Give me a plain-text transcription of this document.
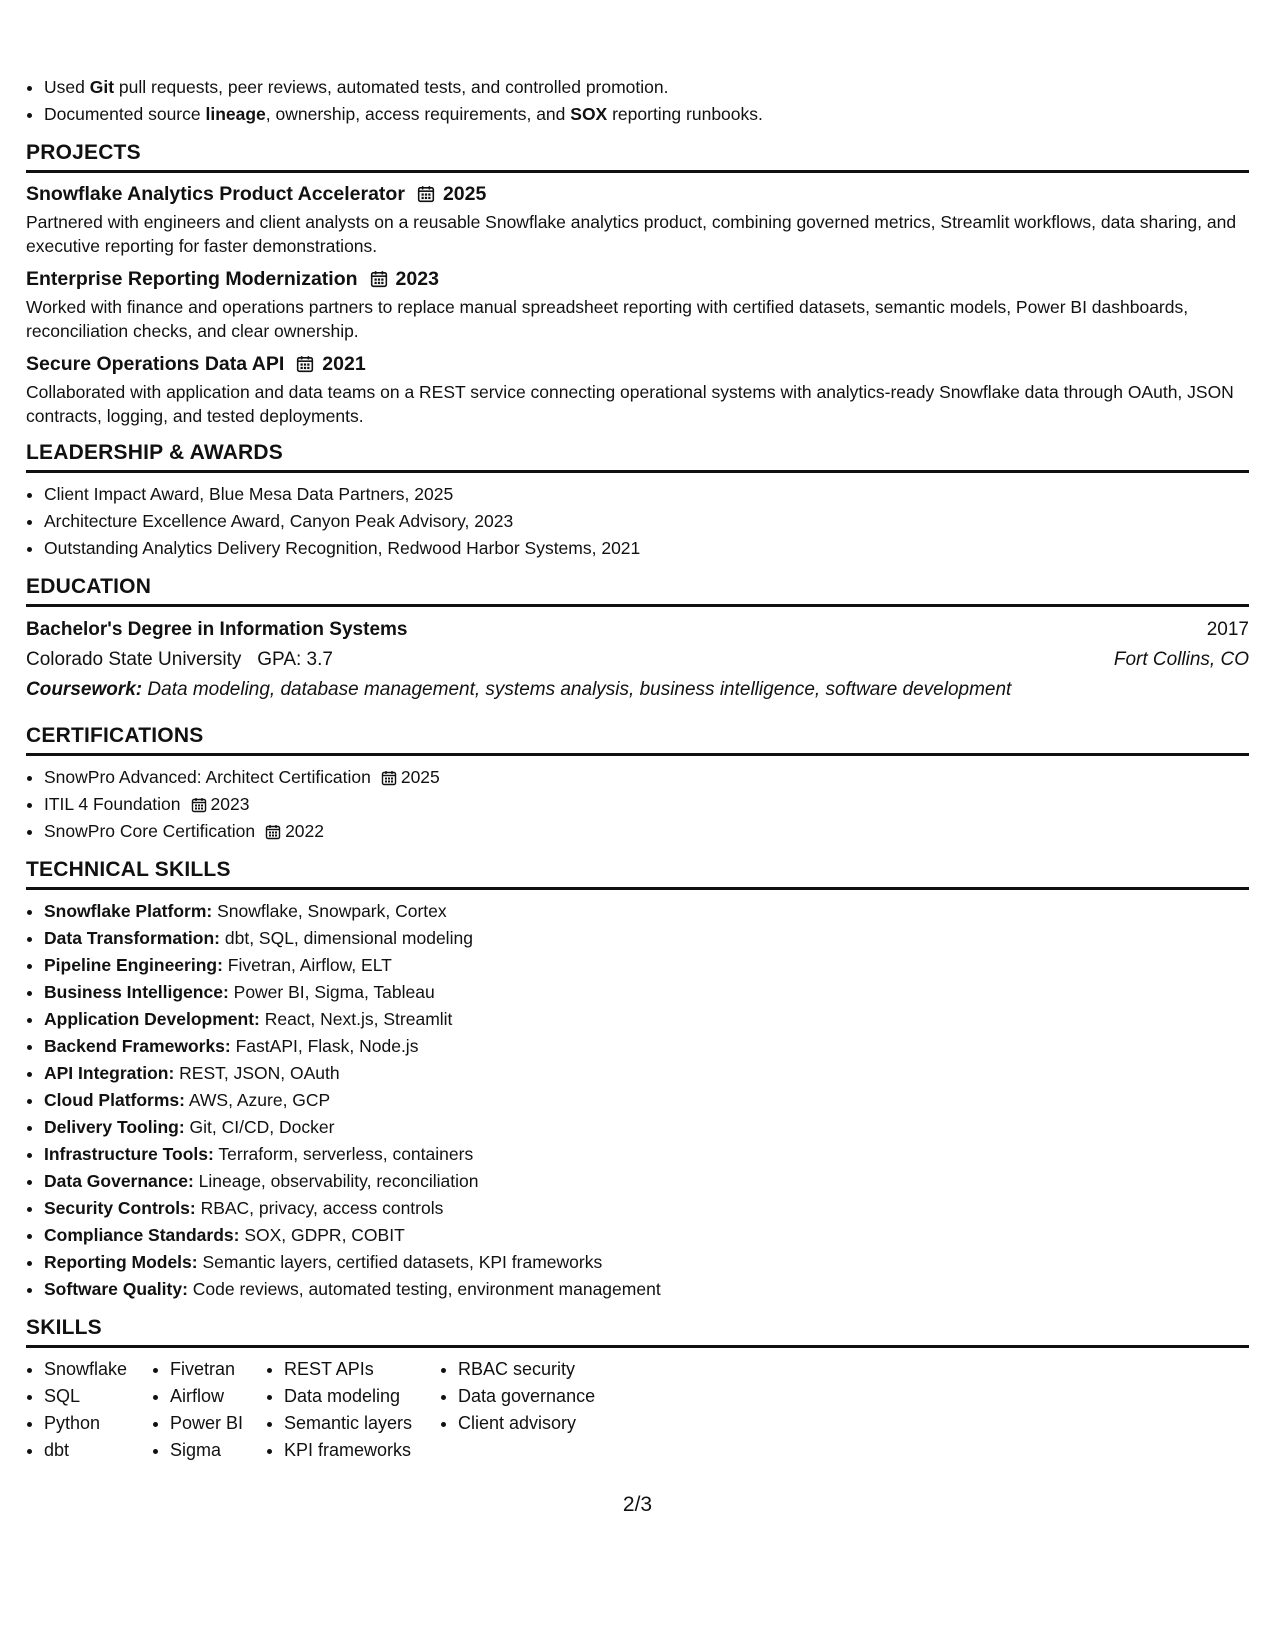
• Used Git pull requests, peer reviews, automated tests, and controlled promotion.
• Documented source lineage, ownership, access requirements, and SOX reporting runbooks.
PROJECTS
Snowflake Analytics Product Accelerator 2025
Partnered with engineers and client analysts on a reusable Snowflake analytics product, combining governed metrics, Streamlit workflows, data sharing, and executive reporting for faster demonstrations.
Enterprise Reporting Modernization 2023
Worked with finance and operations partners to replace manual spreadsheet reporting with certified datasets, semantic models, Power BI dashboards, reconciliation checks, and clear ownership.
Secure Operations Data API 2021
Collaborated with application and data teams on a REST service connecting operational systems with analytics-ready Snowflake data through OAuth, JSON contracts, logging, and tested deployments.
LEADERSHIP & AWARDS
• Client Impact Award, Blue Mesa Data Partners, 2025
• Architecture Excellence Award, Canyon Peak Advisory, 2023
• Outstanding Analytics Delivery Recognition, Redwood Harbor Systems, 2021
EDUCATION
Bachelor's Degree in Information Systems	2017
Colorado State University GPA: 3.7	Fort Collins, CO
Coursework: Data modeling, database management, systems analysis, business intelligence, software development
CERTIFICATIONS
• SnowPro Advanced: Architect Certification 2025
• ITIL 4 Foundation 2023
• SnowPro Core Certification 2022
TECHNICAL SKILLS
• Snowflake Platform: Snowflake, Snowpark, Cortex
• Data Transformation: dbt, SQL, dimensional modeling
• Pipeline Engineering: Fivetran, Airflow, ELT
• Business Intelligence: Power BI, Sigma, Tableau
• Application Development: React, Next.js, Streamlit
• Backend Frameworks: FastAPI, Flask, Node.js
• API Integration: REST, JSON, OAuth
• Cloud Platforms: AWS, Azure, GCP
• Delivery Tooling: Git, CI/CD, Docker
• Infrastructure Tools: Terraform, serverless, containers
• Data Governance: Lineage, observability, reconciliation
• Security Controls: RBAC, privacy, access controls
• Compliance Standards: SOX, GDPR, COBIT
• Reporting Models: Semantic layers, certified datasets, KPI frameworks
• Software Quality: Code reviews, automated testing, environment management
SKILLS
• Snowflake
• SQL
• Python
• dbt
• Fivetran
• Airflow
• Power BI
• Sigma
• REST APIs
• Data modeling
• Semantic layers
• KPI frameworks
• RBAC security
• Data governance
• Client advisory
2/3
